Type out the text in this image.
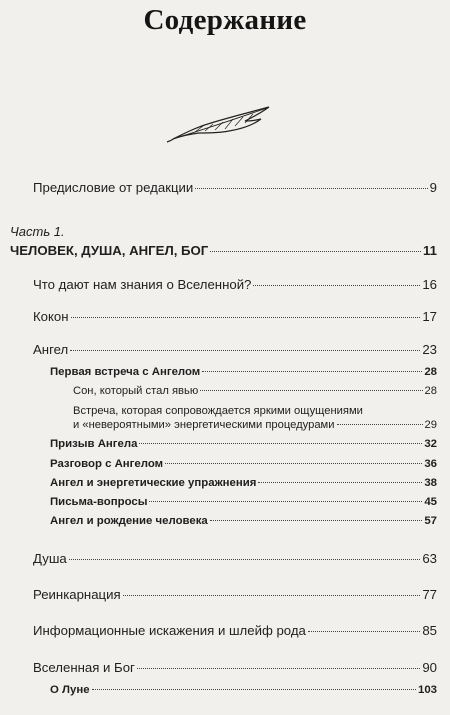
Содержание
Предисловие от редакции	9
Часть 1.
ЧЕЛОВЕК, ДУША, АНГЕЛ, БОГ	11
Что дают нам знания о Вселенной?	16
Кокон	17
Ангел	23
Первая встреча с Ангелом	28
Сон, который стал явью	28
Встреча, которая сопровождается яркими ощущениями
и «невероятными» энергетическими процедурами	29
Призыв Ангела	32
Разговор с Ангелом	36
Ангел и энергетические упражнения	38
Письма-вопросы	45
Ангел и рождение человека	57
Душа	63
Реинкарнация	77
Информационные искажения и шлейф рода	85
Вселенная и Бог	90
О Луне	103
